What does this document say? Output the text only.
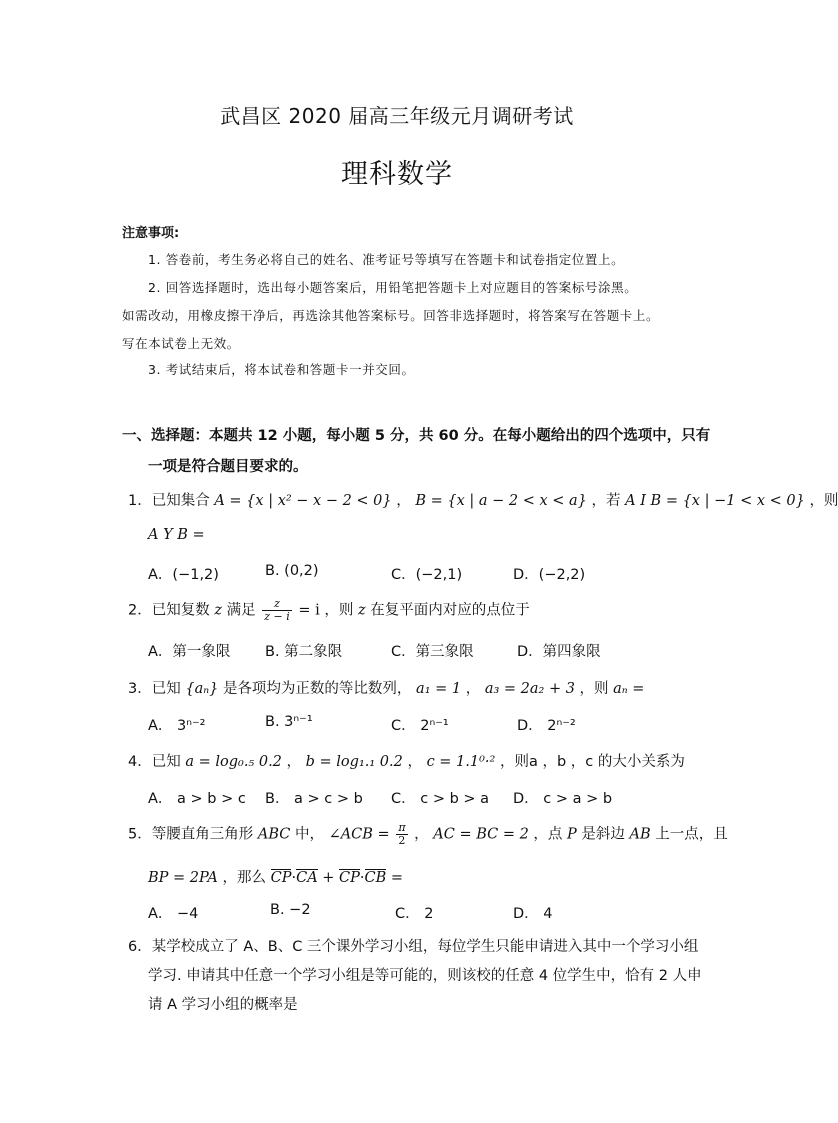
武昌区 2020 届高三年级元月调研考试
理科数学
注意事项:
1. 答卷前，考生务必将自己的姓名、准考证号等填写在答题卡和试卷指定位置上。
2. 回答选择题时，选出每小题答案后，用铅笔把答题卡上对应题目的答案标号涂黑。
如需改动，用橡皮擦干净后，再选涂其他答案标号。回答非选择题时，将答案写在答题卡上。
写在本试卷上无效。
3. 考试结束后，将本试卷和答题卡一并交回。
一、选择题：本题共 12 小题，每小题 5 分，共 60 分。在每小题给出的四个选项中，只有
一项是符合题目要求的。
1．已知集合 A = {x | x² − x − 2 < 0} ， B = {x | a − 2 < x < a} ，若 A I B = {x | −1 < x < 0} ，则
A Y B =
A．(−1,2)	B. (0,2)	C．(−2,1)	D．(−2,2)
2．已知复数 z 满足 $\frac{z}{z - i} = i$ ，则 z 在复平面内对应的点位于
A．第一象限 B. 第二象限	C．第三象限	D．第四象限
3．已知 {aₙ} 是各项均为正数的等比数列， a₁ = 1 ， a₃ = 2a₂ + 3 ，则 aₙ =
A． 3ⁿ⁻²	B. 3ⁿ⁻¹	C． 2ⁿ⁻¹	D． 2ⁿ⁻²
4．已知 a = log₀.₅ 0.2 ， b = log₁.₁ 0.2 ， c = 1.1⁰·² ，则a ，b ，c 的大小关系为
A． a > b > c B． a > c > b C． c > b > a D． c > a > b
5．等腰直角三角形 ABC 中， ∠ACB = $\frac{\pi}{2}$ ， AC = BC = 2 ，点 P 是斜边 AB 上一点，且
BP = 2PA ，那么 CP·CA + CP·CB =
A． −4	B. −2	C． 2	D． 4
6．某学校成立了 A、B、C 三个课外学习小组，每位学生只能申请进入其中一个学习小组
学习. 申请其中任意一个学习小组是等可能的，则该校的任意 4 位学生中，恰有 2 人申
请 A 学习小组的概率是
